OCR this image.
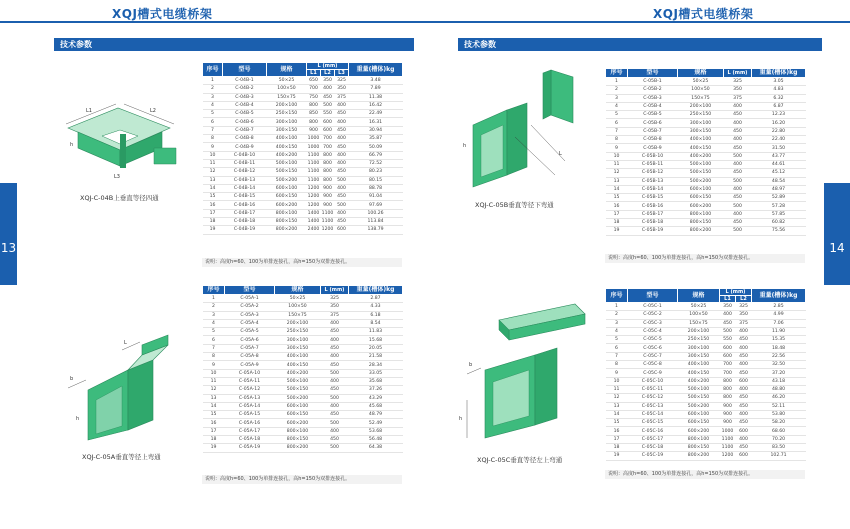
XQJ槽式电缆桥架
技术参数
13
L1	L2
h
L3
XQJ-C-04B上垂直等径四通
序号	型号	规格	L (mm)			重量(槽体)kg
			L1	L2	L3	
1	C-04B-1	50×25	650	350	325	3.48
2	C-04B-2	100×50	700	400	350	7.89
3	C-04B-3	150×75	750	450	375	11.38
4	C-04B-4	200×100	800	500	400	16.42
5	C-04B-5	250×150	850	550	450	22.49
6	C-04B-6	300×100	800	600	400	16.31
7	C-04B-7	300×150	900	600	450	30.94
8	C-04B-8	400×100	1000	700	400	35.87
9	C-04B-9	400×150	1000	700	450	50.09
10	C-04B-10	400×200	1100	800	400	66.79
11	C-04B-11	500×100	1100	800	400	72.52
12	C-04B-12	500×150	1100	800	450	80.23
13	C-04B-13	500×200	1100	800	500	80.15
14	C-04B-14	600×100	1200	900	400	88.78
15	C-04B-15	600×150	1200	900	450	91.04
16	C-04B-16	600×200	1200	900	500	97.69
17	C-04B-17	800×100	1400	1100	400	100.26
18	C-04B-18	800×150	1400	1100	450	113.84
19	C-04B-19	800×200	2400	1200	600	138.79
说明：高度h=60、100为单排连接孔，高h=150为双排连接孔。
b
L
h
XQJ-C-05A垂直等径上弯通
序号	型号	规格	L (mm)	重量(槽体)kg
1	C-05A-1	50×25	325	2.87
2	C-05A-2	100×50	350	4.33
3	C-05A-3	150×75	375	6.18
4	C-05A-4	200×100	400	8.54
5	C-05A-5	250×150	450	11.83
6	C-05A-6	300×100	400	15.68
7	C-05A-7	300×150	450	20.05
8	C-05A-8	400×100	400	21.58
9	C-05A-9	400×150	450	28.34
10	C-05A-10	400×200	500	33.05
11	C-05A-11	500×100	400	35.68
12	C-05A-12	500×150	450	37.26
13	C-05A-13	500×200	500	43.29
14	C-05A-14	600×100	400	45.68
15	C-05A-15	600×150	450	48.79
16	C-05A-16	600×200	500	52.49
17	C-05A-17	800×100	400	53.68
18	C-05A-18	800×150	450	56.48
19	C-05A-19	800×200	500	64.38
说明：高度h=60、100为单排连接孔，高h=150为双排连接孔。
XQJ槽式电缆桥架
技术参数
14
L
h
XQJ-C-05B垂直等径下弯通
序号	型号	规格	L (mm)	重量(槽体)kg
1	C-05B-1	50×25	325	3.05
2	C-05B-2	100×50	350	4.83
3	C-05B-3	150×75	375	6.32
4	C-05B-4	200×100	400	6.87
5	C-05B-5	250×150	450	12.23
6	C-05B-6	300×100	400	16.20
7	C-05B-7	300×150	450	22.80
8	C-05B-8	400×100	400	22.40
9	C-05B-9	400×150	450	31.50
10	C-05B-10	400×200	500	43.77
11	C-05B-11	500×100	400	44.61
12	C-05B-12	500×150	450	45.12
13	C-05B-13	500×200	500	48.54
14	C-05B-14	600×100	400	48.97
15	C-05B-15	600×150	450	52.89
16	C-05B-16	600×200	500	57.28
17	C-05B-17	800×100	400	57.85
18	C-05B-18	800×150	450	60.82
19	C-05B-19	800×200	500	75.56
说明：高度h=60、100为单排连接孔，高h=150为双排连接孔。
b
h
XQJ-C-05C垂直等径左上弯通
序号	型号	规格	L (mm)		重量(槽体)kg
			L1	L2	
1	C-05C-1	50×25	350	325	2.85
2	C-05C-2	100×50	400	350	4.99
3	C-05C-3	150×75	450	375	7.06
4	C-05C-4	200×100	500	400	11.90
5	C-05C-5	250×150	550	450	15.35
6	C-05C-6	300×100	600	400	18.48
7	C-05C-7	300×150	600	450	22.56
8	C-05C-8	400×100	700	400	32.50
9	C-05C-9	400×150	700	450	37.20
10	C-05C-10	400×200	800	600	43.18
11	C-05C-11	500×100	800	400	48.80
12	C-05C-12	500×150	800	450	46.20
13	C-05C-13	500×200	900	450	52.11
14	C-05C-14	600×100	900	400	53.80
15	C-05C-15	600×150	900	450	58.20
16	C-05C-16	600×200	1000	600	68.60
17	C-05C-17	800×100	1100	400	70.20
18	C-05C-18	800×150	1100	450	83.50
19	C-05C-19	800×200	1200	600	102.71
说明：高度h=60、100为单排连接孔，高h=150为双排连接孔。
